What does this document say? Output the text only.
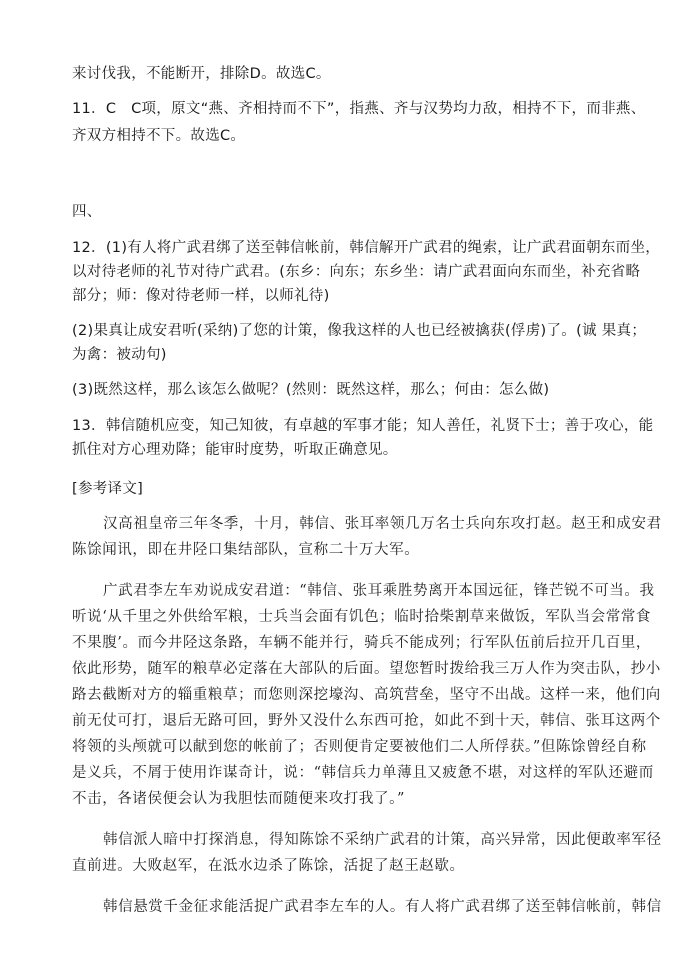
来讨伐我，不能断开，排除D。故选C。
11．C　C项，原文“燕、齐相持而不下”，指燕、齐与汉势均力敌，相持不下，而非燕、
齐双方相持不下。故选C。
四、
12．(1)有人将广武君绑了送至韩信帐前，韩信解开广武君的绳索，让广武君面朝东而坐，
以对待老师的礼节对待广武君。(东乡：向东；东乡坐：请广武君面向东而坐，补充省略
部分；师：像对待老师一样，以师礼待)
(2)果真让成安君听(采纳)了您的计策，像我这样的人也已经被擒获(俘虏)了。(诚 果真；
为禽：被动句)
(3)既然这样，那么该怎么做呢？(然则：既然这样，那么；何由：怎么做)
13．韩信随机应变，知己知彼，有卓越的军事才能；知人善任，礼贤下士；善于攻心，能
抓住对方心理劝降；能审时度势，听取正确意见。
[参考译文]
汉高祖皇帝三年冬季，十月，韩信、张耳率领几万名士兵向东攻打赵。赵王和成安君
陈馀闻讯，即在井陉口集结部队，宣称二十万大军。
广武君李左车劝说成安君道：“韩信、张耳乘胜势离开本国远征，锋芒锐不可当。我
听说‘从千里之外供给军粮，士兵当会面有饥色；临时拾柴割草来做饭，军队当会常常食
不果腹’。而今井陉这条路，车辆不能并行，骑兵不能成列；行军队伍前后拉开几百里，
依此形势，随军的粮草必定落在大部队的后面。望您暂时拨给我三万人作为突击队，抄小
路去截断对方的辎重粮草；而您则深挖壕沟、高筑营垒，坚守不出战。这样一来，他们向
前无仗可打，退后无路可回，野外又没什么东西可抢，如此不到十天，韩信、张耳这两个
将领的头颅就可以献到您的帐前了；否则便肯定要被他们二人所俘获。”但陈馀曾经自称
是义兵，不屑于使用诈谋奇计，说：“韩信兵力单薄且又疲惫不堪，对这样的军队还避而
不击，各诸侯便会认为我胆怯而随便来攻打我了。”
韩信派人暗中打探消息，得知陈馀不采纳广武君的计策，高兴异常，因此便敢率军径
直前进。大败赵军，在泜水边杀了陈馀，活捉了赵王赵歇。
韩信悬赏千金征求能活捉广武君李左车的人。有人将广武君绑了送至韩信帐前，韩信
